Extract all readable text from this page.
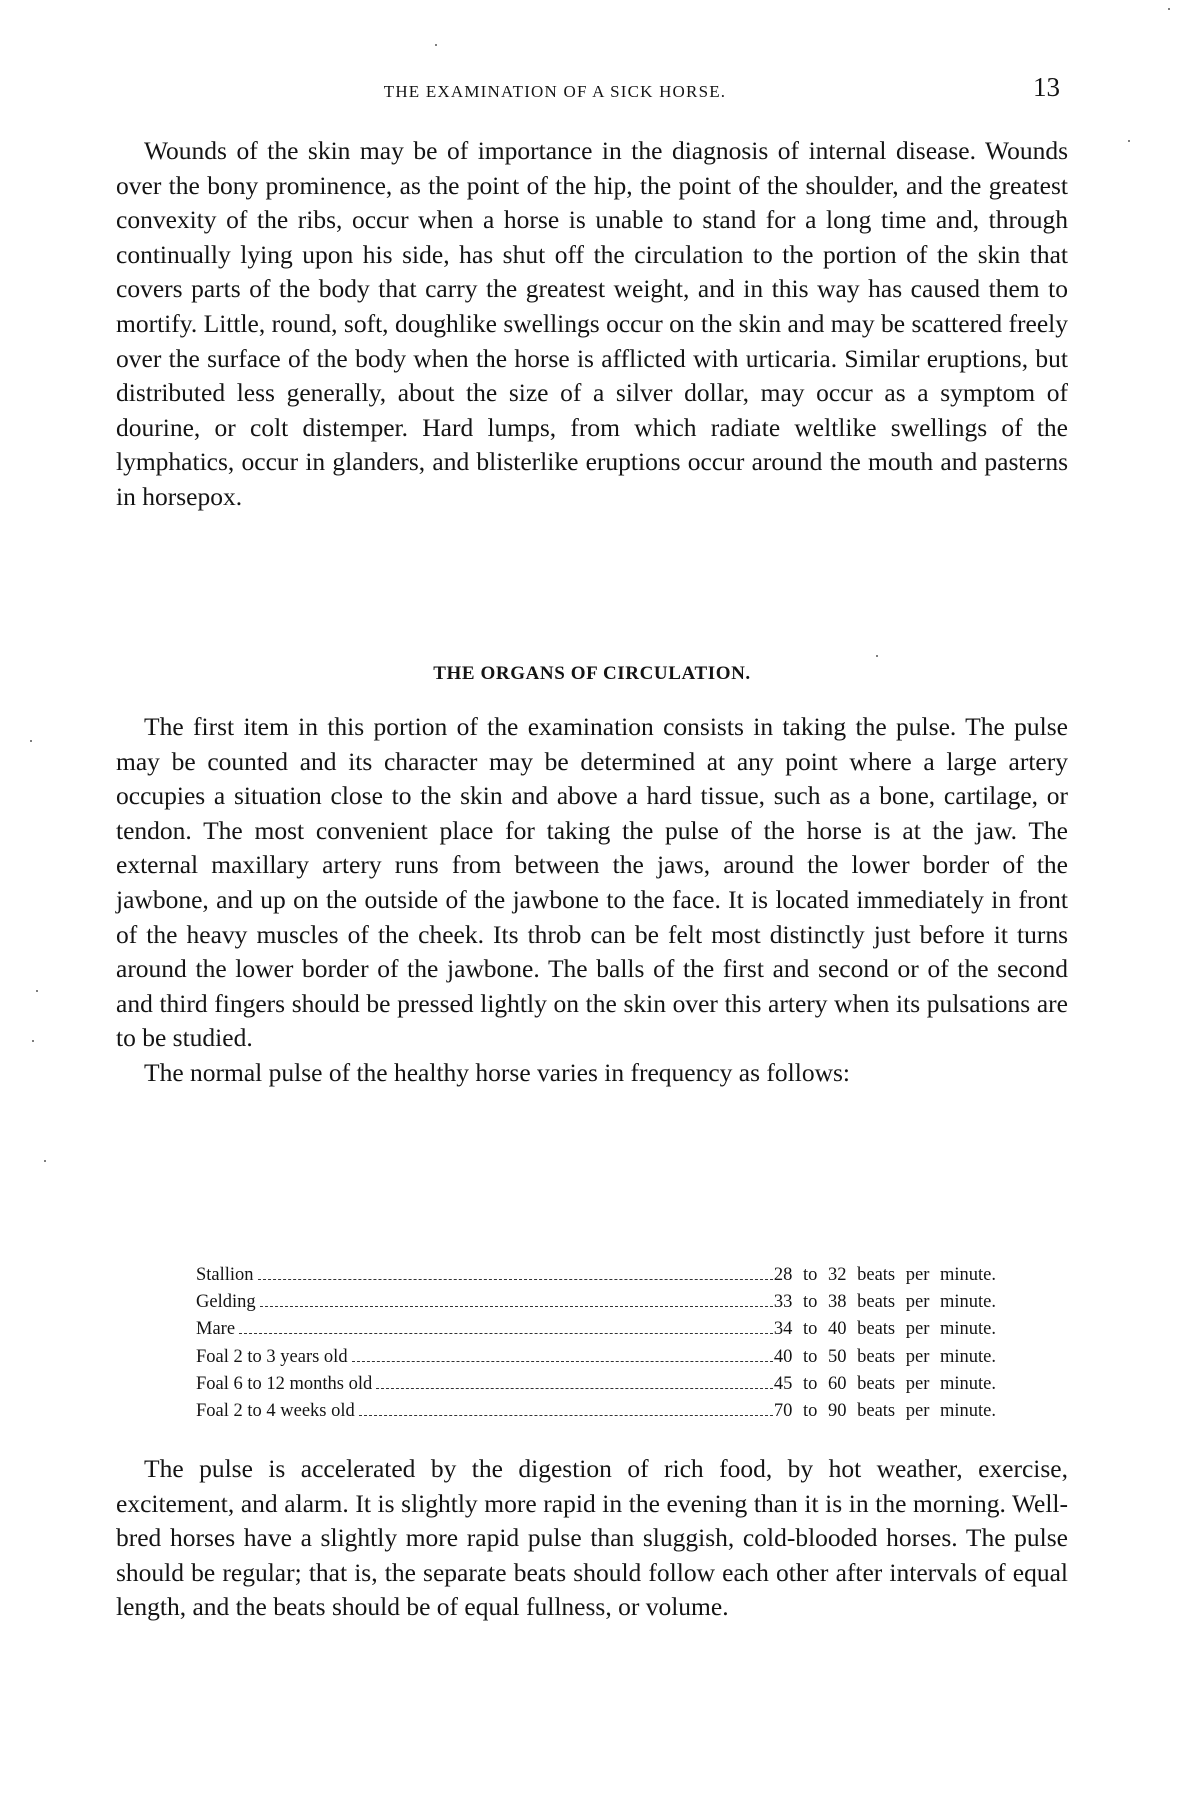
THE EXAMINATION OF A SICK HORSE.	13

Wounds of the skin may be of importance in the diagnosis of internal disease. Wounds over the bony prominence, as the point of the hip, the point of the shoulder, and the greatest convexity of the ribs, occur when a horse is unable to stand for a long time and, through continually lying upon his side, has shut off the circulation to the portion of the skin that covers parts of the body that carry the greatest weight, and in this way has caused them to mortify. Little, round, soft, doughlike swellings occur on the skin and may be scattered freely over the surface of the body when the horse is afflicted with urticaria. Similar eruptions, but distributed less generally, about the size of a silver dollar, may occur as a symptom of dourine, or colt distemper. Hard lumps, from which radiate weltlike swellings of the lymphatics, occur in glanders, and blisterlike eruptions occur around the mouth and pasterns in horsepox.

THE ORGANS OF CIRCULATION.

The first item in this portion of the examination consists in taking the pulse. The pulse may be counted and its character may be determined at any point where a large artery occupies a situation close to the skin and above a hard tissue, such as a bone, cartilage, or tendon. The most convenient place for taking the pulse of the horse is at the jaw. The external maxillary artery runs from between the jaws, around the lower border of the jawbone, and up on the outside of the jawbone to the face. It is located immediately in front of the heavy muscles of the cheek. Its throb can be felt most distinctly just before it turns around the lower border of the jawbone. The balls of the first and second or of the second and third fingers should be pressed lightly on the skin over this artery when its pulsations are to be studied.

The normal pulse of the healthy horse varies in frequency as follows:

Stallion	28 to 32 beats per minute.
Gelding	33 to 38 beats per minute.
Mare	34 to 40 beats per minute.
Foal 2 to 3 years old	40 to 50 beats per minute.
Foal 6 to 12 months old	45 to 60 beats per minute.
Foal 2 to 4 weeks old	70 to 90 beats per minute.

The pulse is accelerated by the digestion of rich food, by hot weather, exercise, excitement, and alarm. It is slightly more rapid in the evening than it is in the morning. Well-bred horses have a slightly more rapid pulse than sluggish, cold-blooded horses. The pulse should be regular; that is, the separate beats should follow each other after intervals of equal length, and the beats should be of equal fullness, or volume.
